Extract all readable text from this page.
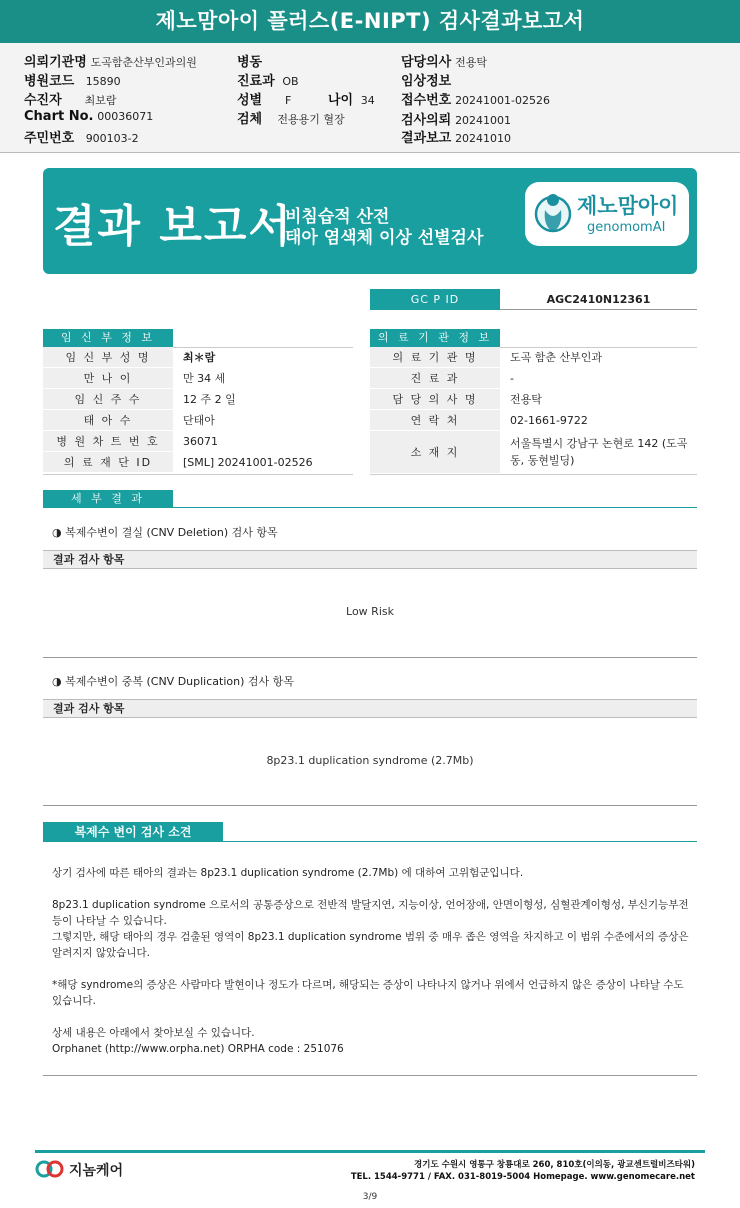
제노맘아이 플러스(E-NIPT) 검사결과보고서
의뢰기관명 도곡함춘산부인과의원
병원코드 15890
수진자 최보람
Chart No. 00036071
주민번호 900103-2
병동
진료과 OB
성별 F	나이 34
검체 전용용기 혈장
담당의사 전용탁
임상정보
접수번호 20241001-02526
검사의뢰 20241001
결과보고 20241010
결과 보고서
비침습적 산전
태아 염색체 이상 선별검사
제노맘아이
genomomAI
GC P ID	AGC2410N12361
임 신 부 정 보
임 신 부 성 명	최＊람
만 나 이	만 34 세
임 신 주 수	12 주 2 일
태 아 수	단태아
병 원 차 트 번 호	36071
의 료 재 단 ID	[SML] 20241001-02526
의 료 기 관 정 보
의 료 기 관 명	도곡 함춘 산부인과
진 료 과	-
담 당 의 사 명	전용탁
연 락 처	02-1661-9722
소 재 지
서울특별시 강남구 논현로 142 (도곡동, 동현빌딩)
세 부 결 과
◑ 복제수변이 결실 (CNV Deletion) 검사 항목
결과 검사 항목
Low Risk
◑ 복제수변이 중복 (CNV Duplication) 검사 항목
결과 검사 항목
8p23.1 duplication syndrome (2.7Mb)
복제수 변이 검사 소견

상기 검사에 따른 태아의 결과는 8p23.1 duplication syndrome (2.7Mb) 에 대하여 고위험군입니다.

8p23.1 duplication syndrome 으로서의 공통증상으로 전반적 발달지연, 지능이상, 언어장애, 안면이형성, 심혈관계이형성, 부신기능부전 등이 나타날 수 있습니다.

그렇지만, 해당 태아의 경우 검출된 영역이 8p23.1 duplication syndrome 범위 중 매우 좁은 영역을 차지하고 이 범위 수준에서의 증상은 알려지지 않았습니다.

*해당 syndrome의 증상은 사람마다 발현이나 정도가 다르며, 해당되는 증상이 나타나지 않거나 위에서 언급하지 않은 증상이 나타날 수도 있습니다.

상세 내용은 아래에서 찾아보실 수 있습니다.
Orphanet (http://www.orpha.net) ORPHA code : 251076
지놈케어	경기도 수원시 영통구 창룡대로 260, 810호(이의동, 광교센트럴비즈타워)
TEL. 1544-9771 / FAX. 031-8019-5004 Homepage. www.genomecare.net
3/9
